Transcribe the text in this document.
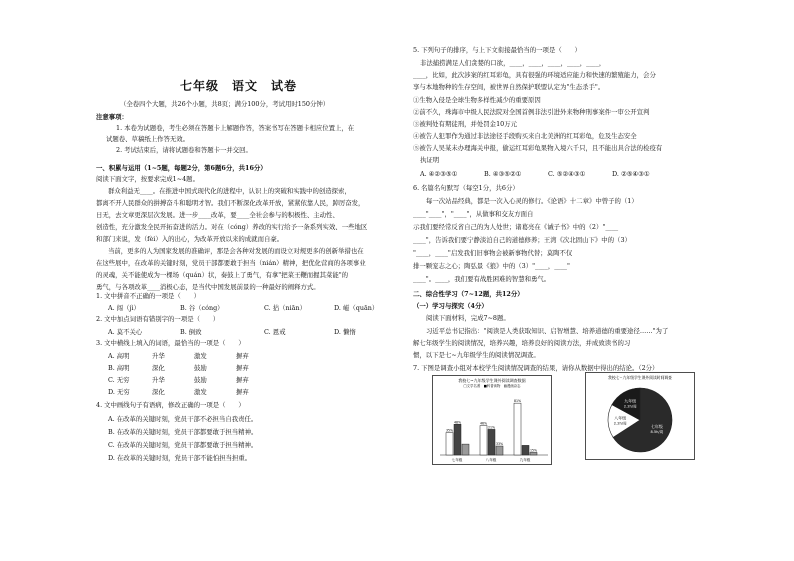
七年级　语文　试卷
（全卷四个大题，共26个小题，共8页；满分100分，考试用时150分钟）
注意事项：
1. 本卷为试题卷，考生必须在答题卡上解题作答，答案书写在答题卡相应位置上，在
试题卷、草稿纸上作答无效。
2. 考试结束后，请将试题卷和答题卡一并交回。
一、积累与运用（1~5题，每题2分，第6题6分，共16分）
阅读下面文字，按要求完成1~4题。
群众利益无____。在推进中国式现代化的进程中，认识上的突破和实践中的创造探索，
都离不开人民群众的拼搏奋斗和聪明才智。我们不断深化改革开放，紧紧依靠人民，踔厉奋发，
日无，去文章更深层次发展。进一步____改革，要____全社会参与的积极性、主动性、
创造性，充分激发全民开拓奋进的活力。对在（cóng）养改的实行给予一条系列实效、一些地区
和部门来说，发（fèi）入的出心，为改革开放以来的成就而自豪。
当前，更多的人为国家发展的准确评，那是会各种对发展的而设立对规更多的创新举措也在
在这些展中，在改革的关键时刻，党员干部都要敢于担当（nián）精神，把优化营商的各项事业
的灵魂，关不能使成为一棵场（quán）状，奏鼓上了勇气，有拿"把菜王鞭而握其菜能"的
勇气，与各项改革____消极心态，是当代中国发展前景的一种最好的阐释方式。
1. 文中拼音不正确的一项是（　　）
A. 闯（jì）	B. 谷（cóng）	C. 拈（niān）	D. 嵫（quān）
2. 文中加点词语有错别字的一项是（　　）
A. 莫不关心	B. 倒致	C. 恩戒	D. 懒惰
3. 文中横线上填入的词语，最恰当的一项是（　　）
A. 高明	升华	激发	摒弃
B. 高明	深化	鼓励	摒弃
C. 无穷	升华	鼓励	摒弃
D. 无穷	深化	激发	摒弃
4. 文中画线句子有语病，修改正确的一项是（　　）
A. 在改革的关键时刻，党员干部不必担当自我责任。
B. 在改革的关键时刻，党员干部都要敢于担当精神。
C. 在改革的关键时刻，党员干部都要敢于担当精神。
D. 在改革的关键时刻，党员干部不能怕担当担重。
5. 下列句子的排序，与上下文衔接最恰当的一项是（　　）
非法捕捞满足人们贪婪的口欲，____，____，____，____，____，
____，比如，此次涉案的红耳彩龟，具有很强的环境适应能力和快速的繁殖能力，会分
享与本地物种的生存空间，被世界自然保护联盟认定为"生态杀手"。
①生物入侵是全球生物多样性减少的重要原因
②前不久，珠海市中级人民法院对全国首例非法引进外来物种刑事案件一审公开宣判
③被判处有期徒刑，并处罚金10万元
④被告人犯罪作为通过非法途径手段购买来自北美洲的红耳彩龟，危及生态安全
⑤被告人吴某未办理海关申报，偷运红耳彩龟果物入境六千只，且不能出具合法的检疫有
执证明
A. ④②③⑤①	B. ④③⑤②①	C. ⑤②④③①	D. ②⑤④③①
6. 名篇名句默写（每空1分，共6分）
每一次站品经典，都是一次入心灵的修行。《论语》十二章》中曾子的（1）
____"____"，"____"，从做事和交友方面自
示我们要经常反省自己的为人处世；诸葛亮在《诫子书》中的（2）"____
____"，告诉我们要宁静淡泊自己的道德修养；王湾《次北固山下》中的（3）
"____，____"启发我们旧事物会被新事物代替；莫陶不仅
排一颗宠志之心；陶弘景《狼》中的（3）"____，____"
____"。____，我们要有战胜困难的智慧和勇气。
二、综合性学习（7~12题，共12分）
（一）学习与探究（4分）
阅读下面材料，完成7~8题。
习近平总书记指出："阅读是人类获取知识、启智增慧、培养道德的重要途径……"为了
解七年级学生的阅读情况，培养兴趣，培养良好的阅读方法，并成致读书的习
惯，以下是七~九年级学生的阅读情况调查。
7. 下图是调查小组对本校学生阅读情况调查的结果，请你从数据中得出的结论。（2分）
我校七~九年级学生课外阅读调查数据
□文学名著　■科普读物　▨漫画杂志
35%
48%
七年级
46%
21%
33%
八年级
81%
15%
九年级
我校七~九年级学生课外阅读时间调查
七年级
8.5h/周
八年级
2.2h/周
九年级
2.2h/周
